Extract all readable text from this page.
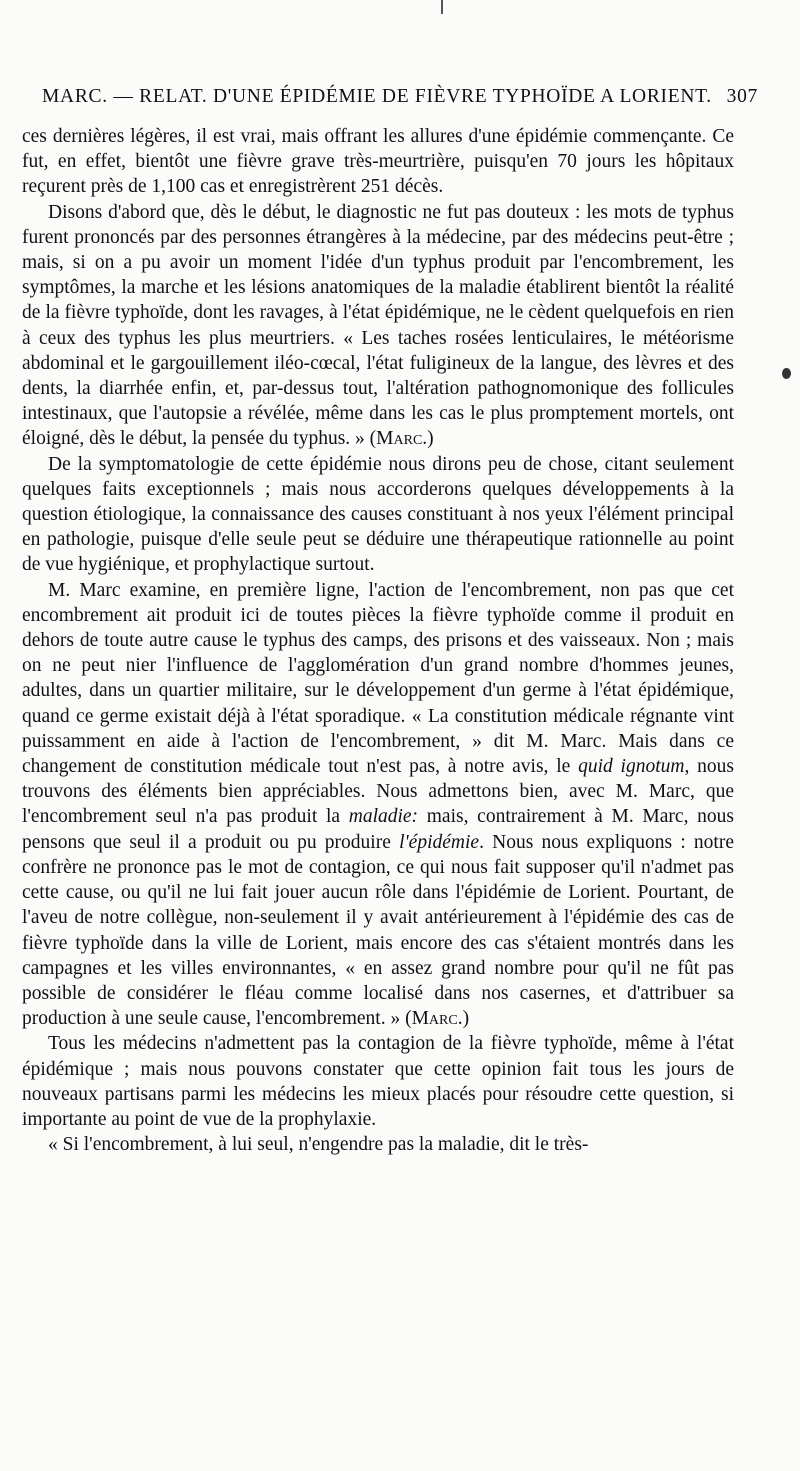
MARC. — RELAT. D'UNE ÉPIDÉMIE DE FIÈVRE TYPHOÏDE A LORIENT. 307

ces dernières légères, il est vrai, mais offrant les allures d'une épidémie commençante. Ce fut, en effet, bientôt une fièvre grave très-meurtrière, puisqu'en 70 jours les hôpitaux reçurent près de 1,100 cas et enregistrèrent 251 décès.

Disons d'abord que, dès le début, le diagnostic ne fut pas douteux : les mots de typhus furent prononcés par des personnes étrangères à la médecine, par des médecins peut-être ; mais, si on a pu avoir un moment l'idée d'un typhus produit par l'encombrement, les symptômes, la marche et les lésions anatomiques de la maladie établirent bientôt la réalité de la fièvre typhoïde, dont les ravages, à l'état épidémique, ne le cèdent quelquefois en rien à ceux des typhus les plus meurtriers. « Les taches rosées lenticulaires, le météorisme abdominal et le gargouillement iléo-cœcal, l'état fuligineux de la langue, des lèvres et des dents, la diarrhée enfin, et, par-dessus tout, l'altération pathognomonique des follicules intestinaux, que l'autopsie a révélée, même dans les cas le plus promptement mortels, ont éloigné, dès le début, la pensée du typhus. » (Marc.)

De la symptomatologie de cette épidémie nous dirons peu de chose, citant seulement quelques faits exceptionnels ; mais nous accorderons quelques développements à la question étiologique, la connaissance des causes constituant à nos yeux l'élément principal en pathologie, puisque d'elle seule peut se déduire une thérapeutique rationnelle au point de vue hygiénique, et prophylactique surtout.

M. Marc examine, en première ligne, l'action de l'encombrement, non pas que cet encombrement ait produit ici de toutes pièces la fièvre typhoïde comme il produit en dehors de toute autre cause le typhus des camps, des prisons et des vaisseaux. Non ; mais on ne peut nier l'influence de l'agglomération d'un grand nombre d'hommes jeunes, adultes, dans un quartier militaire, sur le développement d'un germe à l'état épidémique, quand ce germe existait déjà à l'état sporadique. « La constitution médicale régnante vint puissamment en aide à l'action de l'encombrement, » dit M. Marc. Mais dans ce changement de constitution médicale tout n'est pas, à notre avis, le quid ignotum, nous trouvons des éléments bien appréciables. Nous admettons bien, avec M. Marc, que l'encombrement seul n'a pas produit la maladie: mais, contrairement à M. Marc, nous pensons que seul il a produit ou pu produire l'épidémie. Nous nous expliquons : notre confrère ne prononce pas le mot de contagion, ce qui nous fait supposer qu'il n'admet pas cette cause, ou qu'il ne lui fait jouer aucun rôle dans l'épidémie de Lorient. Pourtant, de l'aveu de notre collègue, non-seulement il y avait antérieurement à l'épidémie des cas de fièvre typhoïde dans la ville de Lorient, mais encore des cas s'étaient montrés dans les campagnes et les villes environnantes, « en assez grand nombre pour qu'il ne fût pas possible de considérer le fléau comme localisé dans nos casernes, et d'attribuer sa production à une seule cause, l'encombrement. » (Marc.)

Tous les médecins n'admettent pas la contagion de la fièvre typhoïde, même à l'état épidémique ; mais nous pouvons constater que cette opinion fait tous les jours de nouveaux partisans parmi les médecins les mieux placés pour résoudre cette question, si importante au point de vue de la prophylaxie.

« Si l'encombrement, à lui seul, n'engendre pas la maladie, dit le très-
